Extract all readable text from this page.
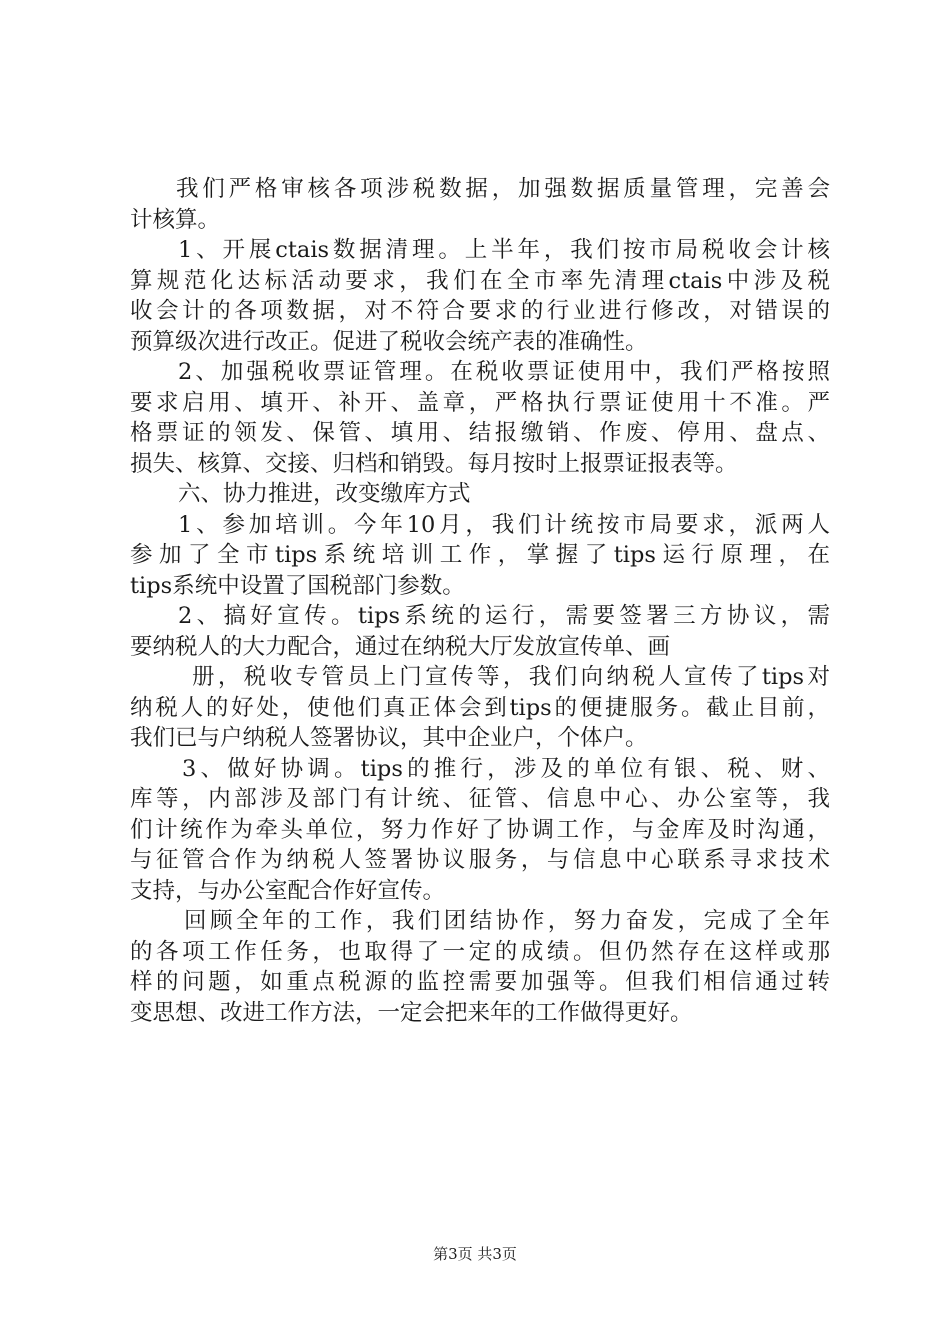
我们严格审核各项涉税数据，加强数据质量管理，完善会
计核算。
1、开展ctais数据清理。上半年，我们按市局税收会计核
算规范化达标活动要求，我们在全市率先清理ctais中涉及税
收会计的各项数据，对不符合要求的行业进行修改，对错误的
预算级次进行改正。促进了税收会统产表的准确性。
2、加强税收票证管理。在税收票证使用中，我们严格按照
要求启用、填开、补开、盖章，严格执行票证使用十不准。严
格票证的领发、保管、填用、结报缴销、作废、停用、盘点、
损失、核算、交接、归档和销毁。每月按时上报票证报表等。
六、协力推进，改变缴库方式
1、参加培训。今年10月，我们计统按市局要求，派两人
参加了全市tips系统培训工作，掌握了tips运行原理，在
tips系统中设置了国税部门参数。
2、搞好宣传。tips系统的运行，需要签署三方协议，需
要纳税人的大力配合，通过在纳税大厅发放宣传单、画
册，税收专管员上门宣传等，我们向纳税人宣传了tips对
纳税人的好处，使他们真正体会到tips的便捷服务。截止目前，
我们已与户纳税人签署协议，其中企业户，个体户。
3、做好协调。tips的推行，涉及的单位有银、税、财、
库等，内部涉及部门有计统、征管、信息中心、办公室等，我
们计统作为牵头单位，努力作好了协调工作，与金库及时沟通，
与征管合作为纳税人签署协议服务，与信息中心联系寻求技术
支持，与办公室配合作好宣传。
回顾全年的工作，我们团结协作，努力奋发，完成了全年
的各项工作任务，也取得了一定的成绩。但仍然存在这样或那
样的问题，如重点税源的监控需要加强等。但我们相信通过转
变思想、改进工作方法，一定会把来年的工作做得更好。
第3页 共3页
